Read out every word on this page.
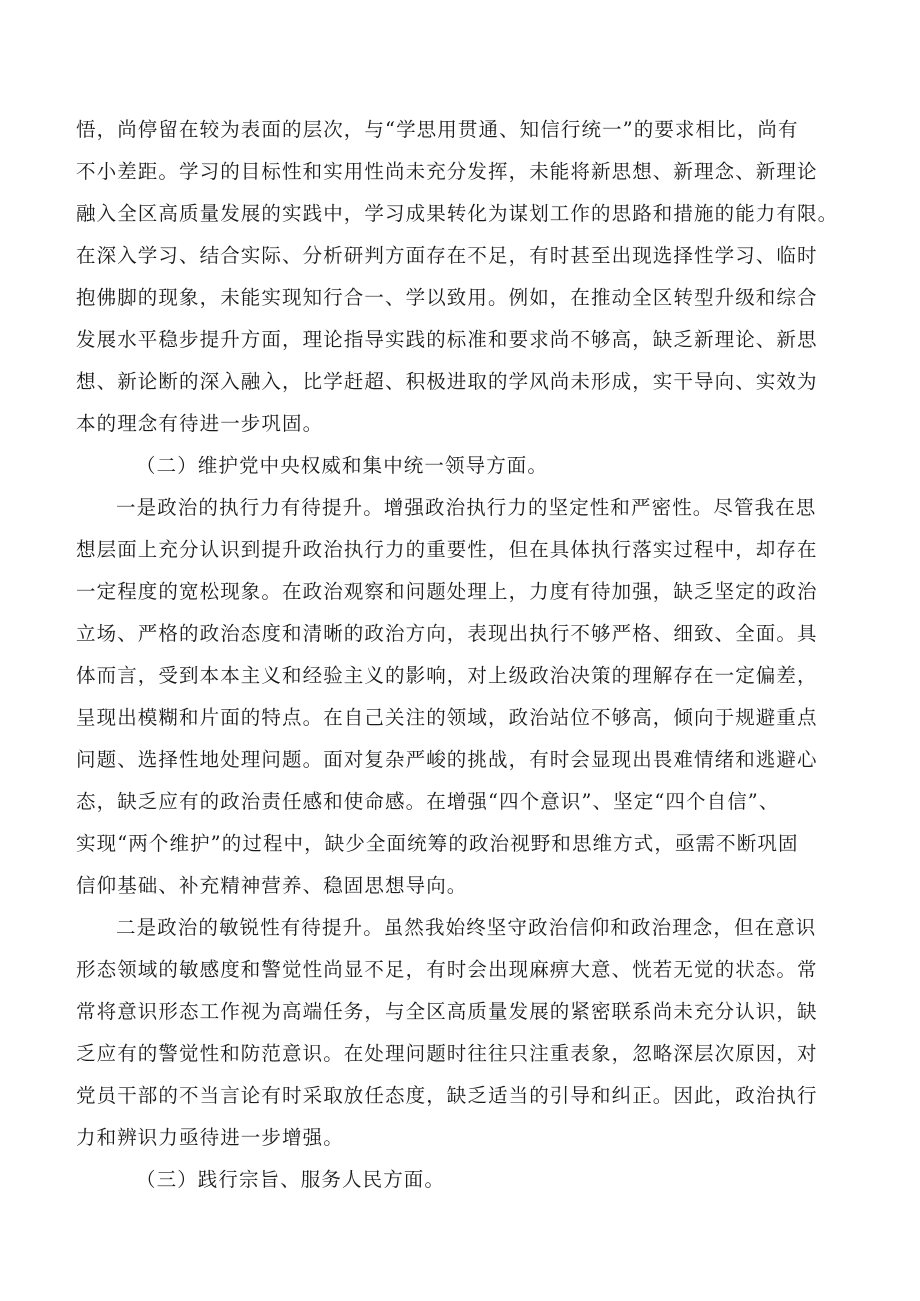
悟，尚停留在较为表面的层次，与“学思用贯通、知信行统一”的要求相比，尚有
不小差距。学习的目标性和实用性尚未充分发挥，未能将新思想、新理念、新理论
融入全区高质量发展的实践中，学习成果转化为谋划工作的思路和措施的能力有限。
在深入学习、结合实际、分析研判方面存在不足，有时甚至出现选择性学习、临时
抱佛脚的现象，未能实现知行合一、学以致用。例如，在推动全区转型升级和综合
发展水平稳步提升方面，理论指导实践的标准和要求尚不够高，缺乏新理论、新思
想、新论断的深入融入，比学赶超、积极进取的学风尚未形成，实干导向、实效为
本的理念有待进一步巩固。
（二）维护党中央权威和集中统一领导方面。
一是政治的执行力有待提升。增强政治执行力的坚定性和严密性。尽管我在思
想层面上充分认识到提升政治执行力的重要性，但在具体执行落实过程中，却存在
一定程度的宽松现象。在政治观察和问题处理上，力度有待加强，缺乏坚定的政治
立场、严格的政治态度和清晰的政治方向，表现出执行不够严格、细致、全面。具
体而言，受到本本主义和经验主义的影响，对上级政治决策的理解存在一定偏差，
呈现出模糊和片面的特点。在自己关注的领域，政治站位不够高，倾向于规避重点
问题、选择性地处理问题。面对复杂严峻的挑战，有时会显现出畏难情绪和逃避心
态，缺乏应有的政治责任感和使命感。在增强“四个意识”、坚定“四个自信”、
实现“两个维护”的过程中，缺少全面统筹的政治视野和思维方式，亟需不断巩固
信仰基础、补充精神营养、稳固思想导向。
二是政治的敏锐性有待提升。虽然我始终坚守政治信仰和政治理念，但在意识
形态领域的敏感度和警觉性尚显不足，有时会出现麻痹大意、恍若无觉的状态。常
常将意识形态工作视为高端任务，与全区高质量发展的紧密联系尚未充分认识，缺
乏应有的警觉性和防范意识。在处理问题时往往只注重表象，忽略深层次原因，对
党员干部的不当言论有时采取放任态度，缺乏适当的引导和纠正。因此，政治执行
力和辨识力亟待进一步增强。
（三）践行宗旨、服务人民方面。
